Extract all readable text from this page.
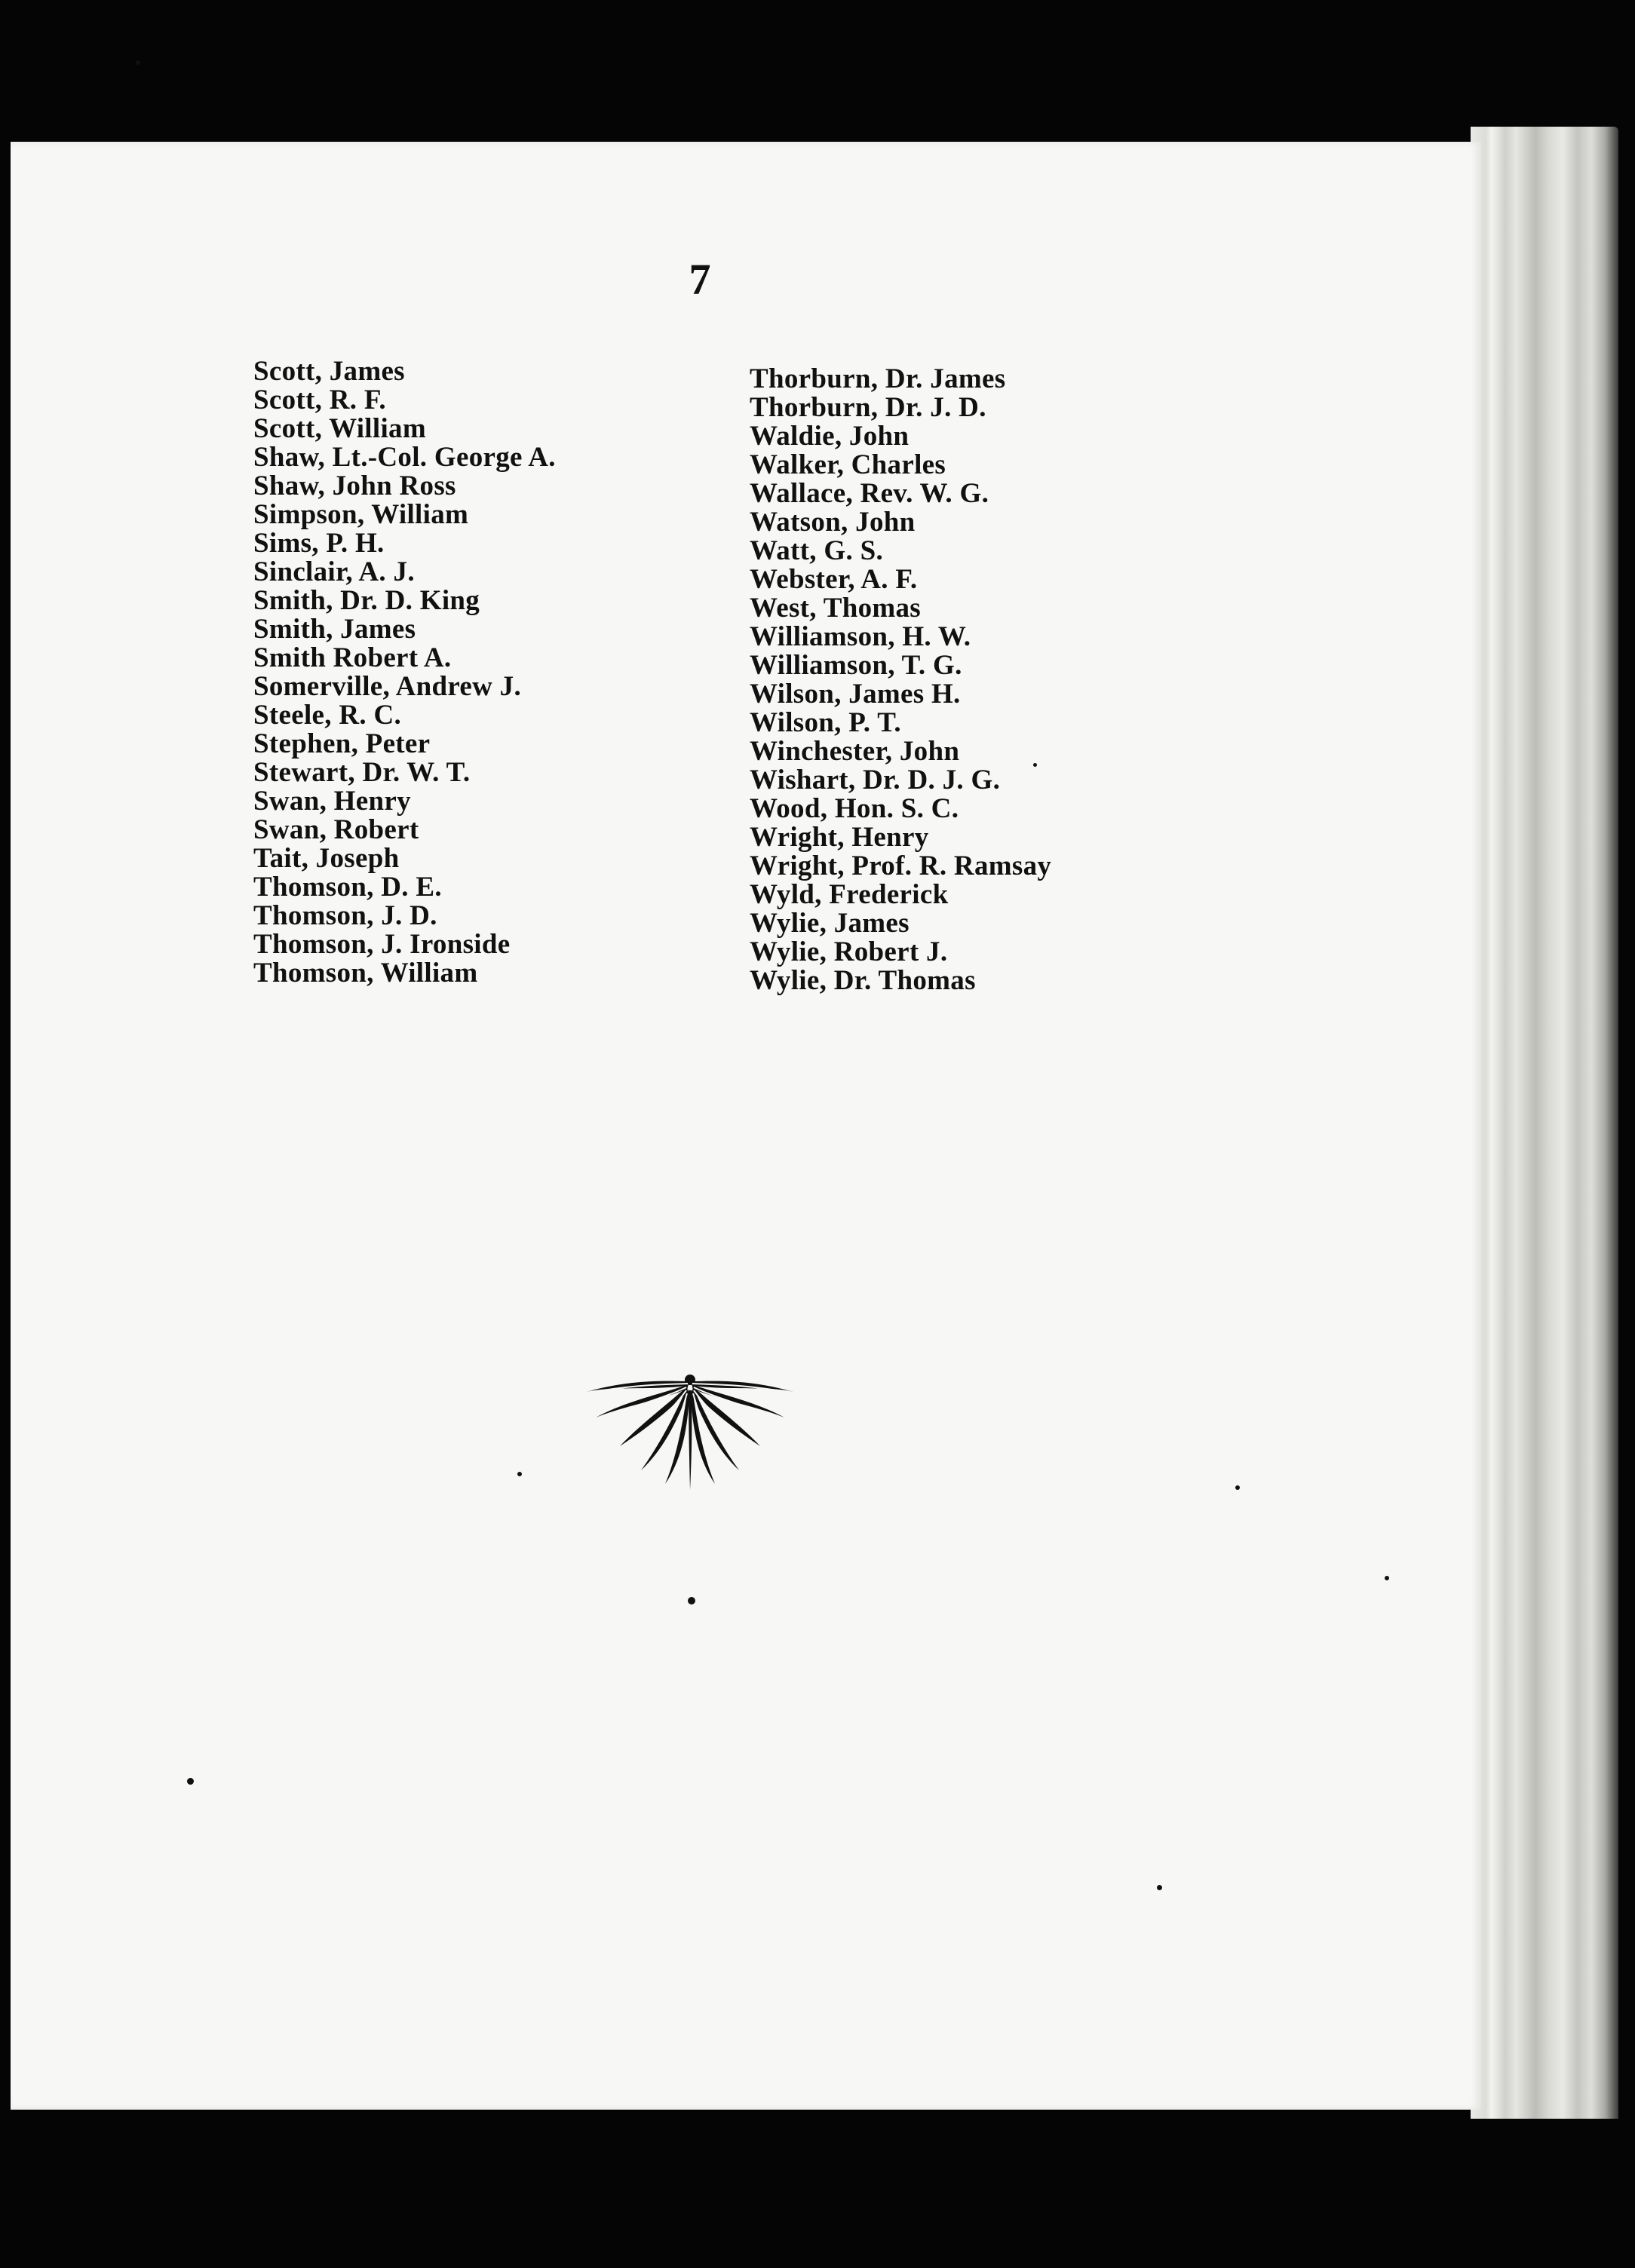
7
Scott, James
Scott, R. F.
Scott, William
Shaw, Lt.-Col. George A.
Shaw, John Ross
Simpson, William
Sims, P. H.
Sinclair, A. J.
Smith, Dr. D. King
Smith, James
Smith Robert A.
Somerville, Andrew J.
Steele, R. C.
Stephen, Peter
Stewart, Dr. W. T.
Swan, Henry
Swan, Robert
Tait, Joseph
Thomson, D. E.
Thomson, J. D.
Thomson, J. Ironside
Thomson, William
Thorburn, Dr. James
Thorburn, Dr. J. D.
Waldie, John
Walker, Charles
Wallace, Rev. W. G.
Watson, John
Watt, G. S.
Webster, A. F.
West, Thomas
Williamson, H. W.
Williamson, T. G.
Wilson, James H.
Wilson, P. T.
Winchester, John
Wishart, Dr. D. J. G.
Wood, Hon. S. C.
Wright, Henry
Wright, Prof. R. Ramsay
Wyld, Frederick
Wylie, James
Wylie, Robert J.
Wylie, Dr. Thomas
